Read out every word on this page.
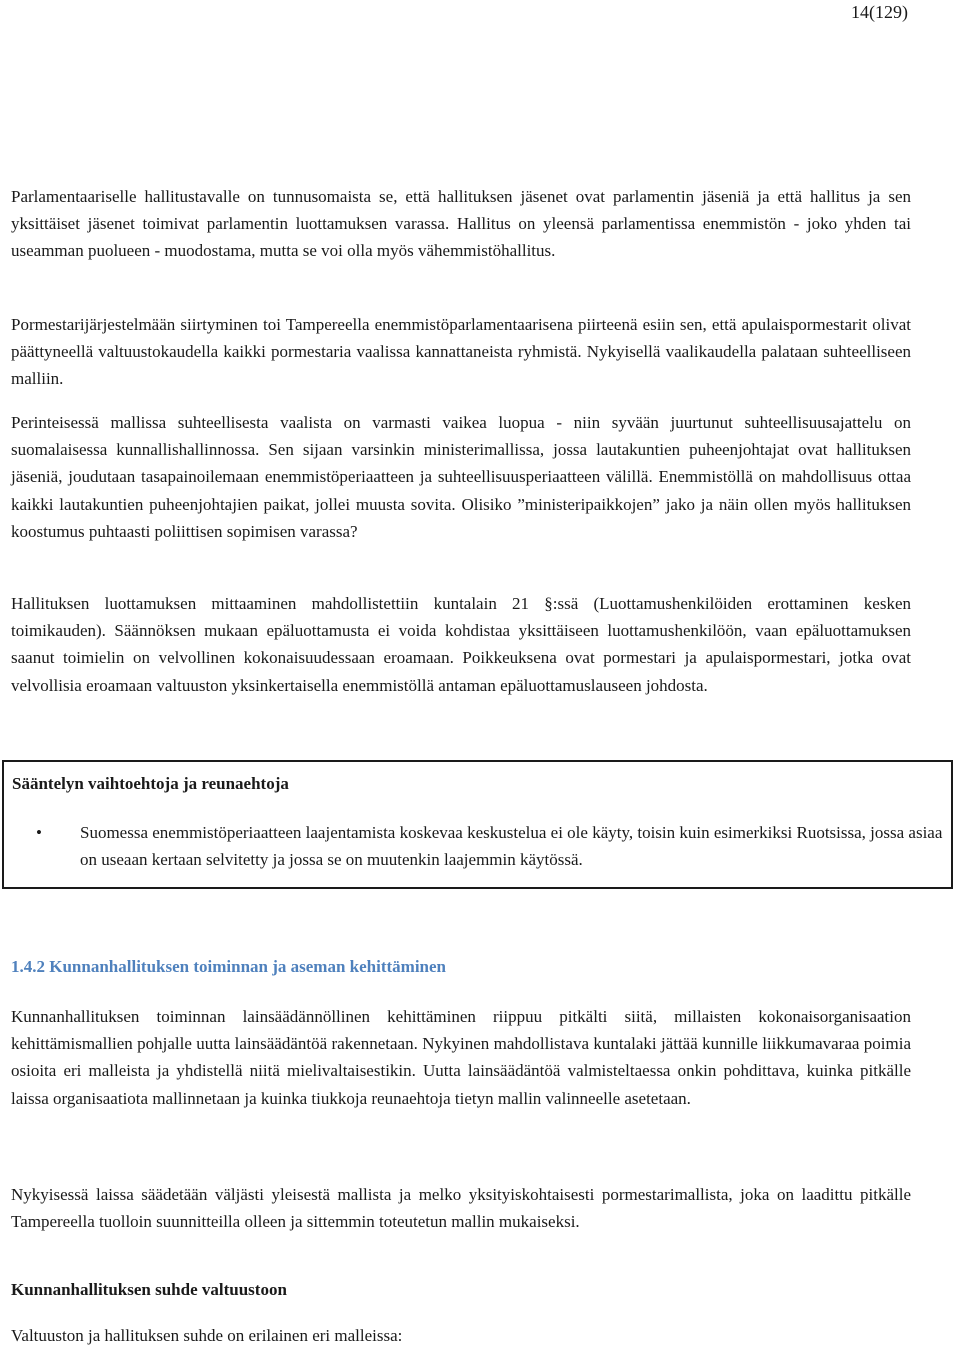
14(129)

Parlamentaariselle hallitustavalle on tunnusomaista se, että hallituksen jäsenet ovat parlamentin jäseniä ja että hallitus ja sen yksittäiset jäsenet toimivat parlamentin luottamuksen varassa. Hallitus on yleensä parlamentissa enemmistön - joko yhden tai useamman puolueen - muodostama, mutta se voi olla myös vähemmistöhallitus.

Pormestarijärjestelmään siirtyminen toi Tampereella enemmistöparlamentaarisena piirteenä esiin sen, että apulaispormestarit olivat päättyneellä valtuustokaudella kaikki pormestaria vaalissa kannattaneista ryhmistä. Nykyisellä vaalikaudella palataan suhteelliseen malliin.

Perinteisessä mallissa suhteellisesta vaalista on varmasti vaikea luopua - niin syvään juurtunut suhteellisuusajattelu on suomalaisessa kunnallishallinnossa. Sen sijaan varsinkin ministerimallissa, jossa lautakuntien puheenjohtajat ovat hallituksen jäseniä, joudutaan tasapainoilemaan enemmistöperiaatteen ja suhteellisuusperiaatteen välillä. Enemmistöllä on mahdollisuus ottaa kaikki lautakuntien puheenjohtajien paikat, jollei muusta sovita. Olisiko ”ministeripaikkojen” jako ja näin ollen myös hallituksen koostumus puhtaasti poliittisen sopimisen varassa?

Hallituksen luottamuksen mittaaminen mahdollistettiin kuntalain 21 §:ssä (Luottamushenkilöiden erottaminen kesken toimikauden). Säännöksen mukaan epäluottamusta ei voida kohdistaa yksittäiseen luottamushenkilöön, vaan epäluottamuksen saanut toimielin on velvollinen kokonaisuudessaan eroamaan. Poikkeuksena ovat pormestari ja apulaispormestari, jotka ovat velvollisia eroamaan valtuuston yksinkertaisella enemmistöllä antaman epäluottamuslauseen johdosta.

Sääntelyn vaihtoehtoja ja reunaehtoja

• Suomessa enemmistöperiaatteen laajentamista koskevaa keskustelua ei ole käyty, toisin kuin esimerkiksi Ruotsissa, jossa asiaa on useaan kertaan selvitetty ja jossa se on muutenkin laajemmin käytössä.
1.4.2 Kunnanhallituksen toiminnan ja aseman kehittäminen

Kunnanhallituksen toiminnan lainsäädännöllinen kehittäminen riippuu pitkälti siitä, millaisten kokonaisorganisaation kehittämismallien pohjalle uutta lainsäädäntöä rakennetaan. Nykyinen mahdollistava kuntalaki jättää kunnille liikkumavaraa poimia osioita eri malleista ja yhdistellä niitä mielivaltaisestikin. Uutta lainsäädäntöä valmisteltaessa onkin pohdittava, kuinka pitkälle laissa organisaatiota mallinnetaan ja kuinka tiukkoja reunaehtoja tietyn mallin valinneelle asetetaan.

Nykyisessä laissa säädetään väljästi yleisestä mallista ja melko yksityiskohtaisesti pormestarimallista, joka on laadittu pitkälle Tampereella tuolloin suunnitteilla olleen ja sittemmin toteutetun mallin mukaiseksi.

Kunnanhallituksen suhde valtuustoon

Valtuuston ja hallituksen suhde on erilainen eri malleissa:
